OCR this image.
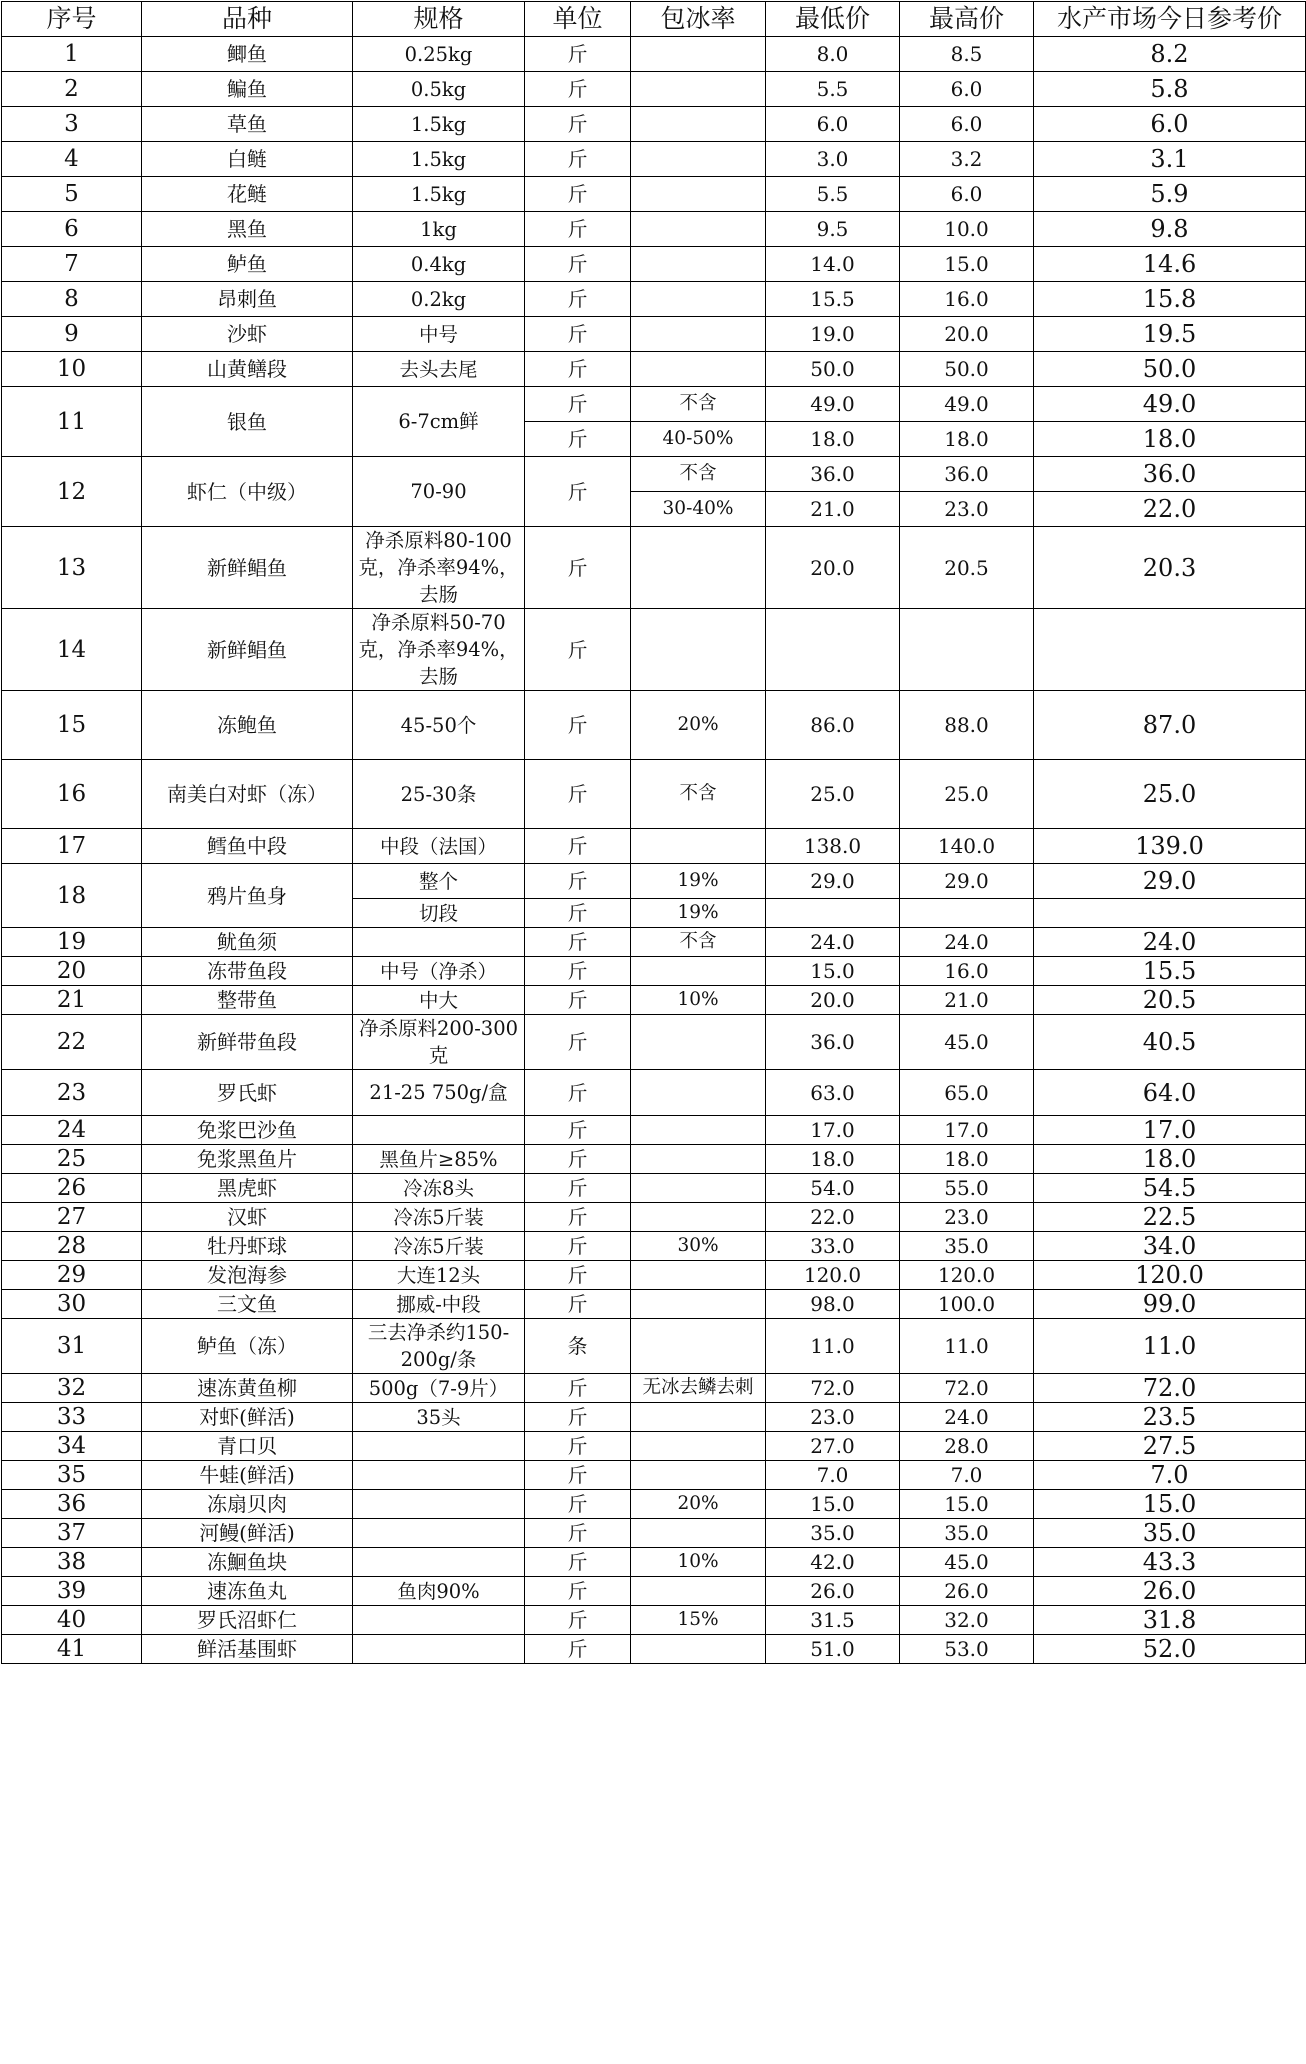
序号	品种	规格	单位	包冰率	最低价	最高价	水产市场今日参考价
1	鲫鱼	0.25kg	斤		8.0	8.5	8.2
2	鳊鱼	0.5kg	斤		5.5	6.0	5.8
3	草鱼	1.5kg	斤		6.0	6.0	6.0
4	白鲢	1.5kg	斤		3.0	3.2	3.1
5	花鲢	1.5kg	斤		5.5	6.0	5.9
6	黑鱼	1kg	斤		9.5	10.0	9.8
7	鲈鱼	0.4kg	斤		14.0	15.0	14.6
8	昂刺鱼	0.2kg	斤		15.5	16.0	15.8
9	沙虾	中号	斤		19.0	20.0	19.5
10	山黄鳝段	去头去尾	斤		50.0	50.0	50.0
11	银鱼	6-7cm鲜	斤	不含	49.0	49.0	49.0
			斤	40-50%	18.0	18.0	18.0
12	虾仁（中级）	70-90	斤	不含	36.0	36.0	36.0
				30-40%	21.0	23.0	22.0
13	新鲜鲳鱼	净杀原料80-100克，净杀率94%，去肠	斤		20.0	20.5	20.3
14	新鲜鲳鱼	净杀原料50-70克，净杀率94%，去肠	斤				
15	冻鲍鱼	45-50个	斤	20%	86.0	88.0	87.0
16	南美白对虾（冻）	25-30条	斤	不含	25.0	25.0	25.0
17	鳕鱼中段	中段（法国）	斤		138.0	140.0	139.0
18	鸦片鱼身	整个	斤	19%	29.0	29.0	29.0
		切段	斤	19%			
19	鱿鱼须		斤	不含	24.0	24.0	24.0
20	冻带鱼段	中号（净杀）	斤		15.0	16.0	15.5
21	整带鱼	中大	斤	10%	20.0	21.0	20.5
22	新鲜带鱼段	净杀原料200-300克	斤		36.0	45.0	40.5
23	罗氏虾	21-25 750g/盒	斤		63.0	65.0	64.0
24	免浆巴沙鱼		斤		17.0	17.0	17.0
25	免浆黑鱼片	黑鱼片≥85%	斤		18.0	18.0	18.0
26	黑虎虾	冷冻8头	斤		54.0	55.0	54.5
27	汉虾	冷冻5斤装	斤		22.0	23.0	22.5
28	牡丹虾球	冷冻5斤装	斤	30%	33.0	35.0	34.0
29	发泡海参	大连12头	斤		120.0	120.0	120.0
30	三文鱼	挪威-中段	斤		98.0	100.0	99.0
31	鲈鱼（冻）	三去净杀约150-200g/条	条		11.0	11.0	11.0
32	速冻黄鱼柳	500g（7-9片）	斤	无冰去鳞去刺	72.0	72.0	72.0
33	对虾(鲜活)	35头	斤		23.0	24.0	23.5
34	青口贝		斤		27.0	28.0	27.5
35	牛蛙(鲜活)		斤		7.0	7.0	7.0
36	冻扇贝肉		斤	20%	15.0	15.0	15.0
37	河鳗(鲜活)		斤		35.0	35.0	35.0
38	冻鮰鱼块		斤	10%	42.0	45.0	43.3
39	速冻鱼丸	鱼肉90%	斤		26.0	26.0	26.0
40	罗氏沼虾仁		斤	15%	31.5	32.0	31.8
41	鲜活基围虾		斤		51.0	53.0	52.0
